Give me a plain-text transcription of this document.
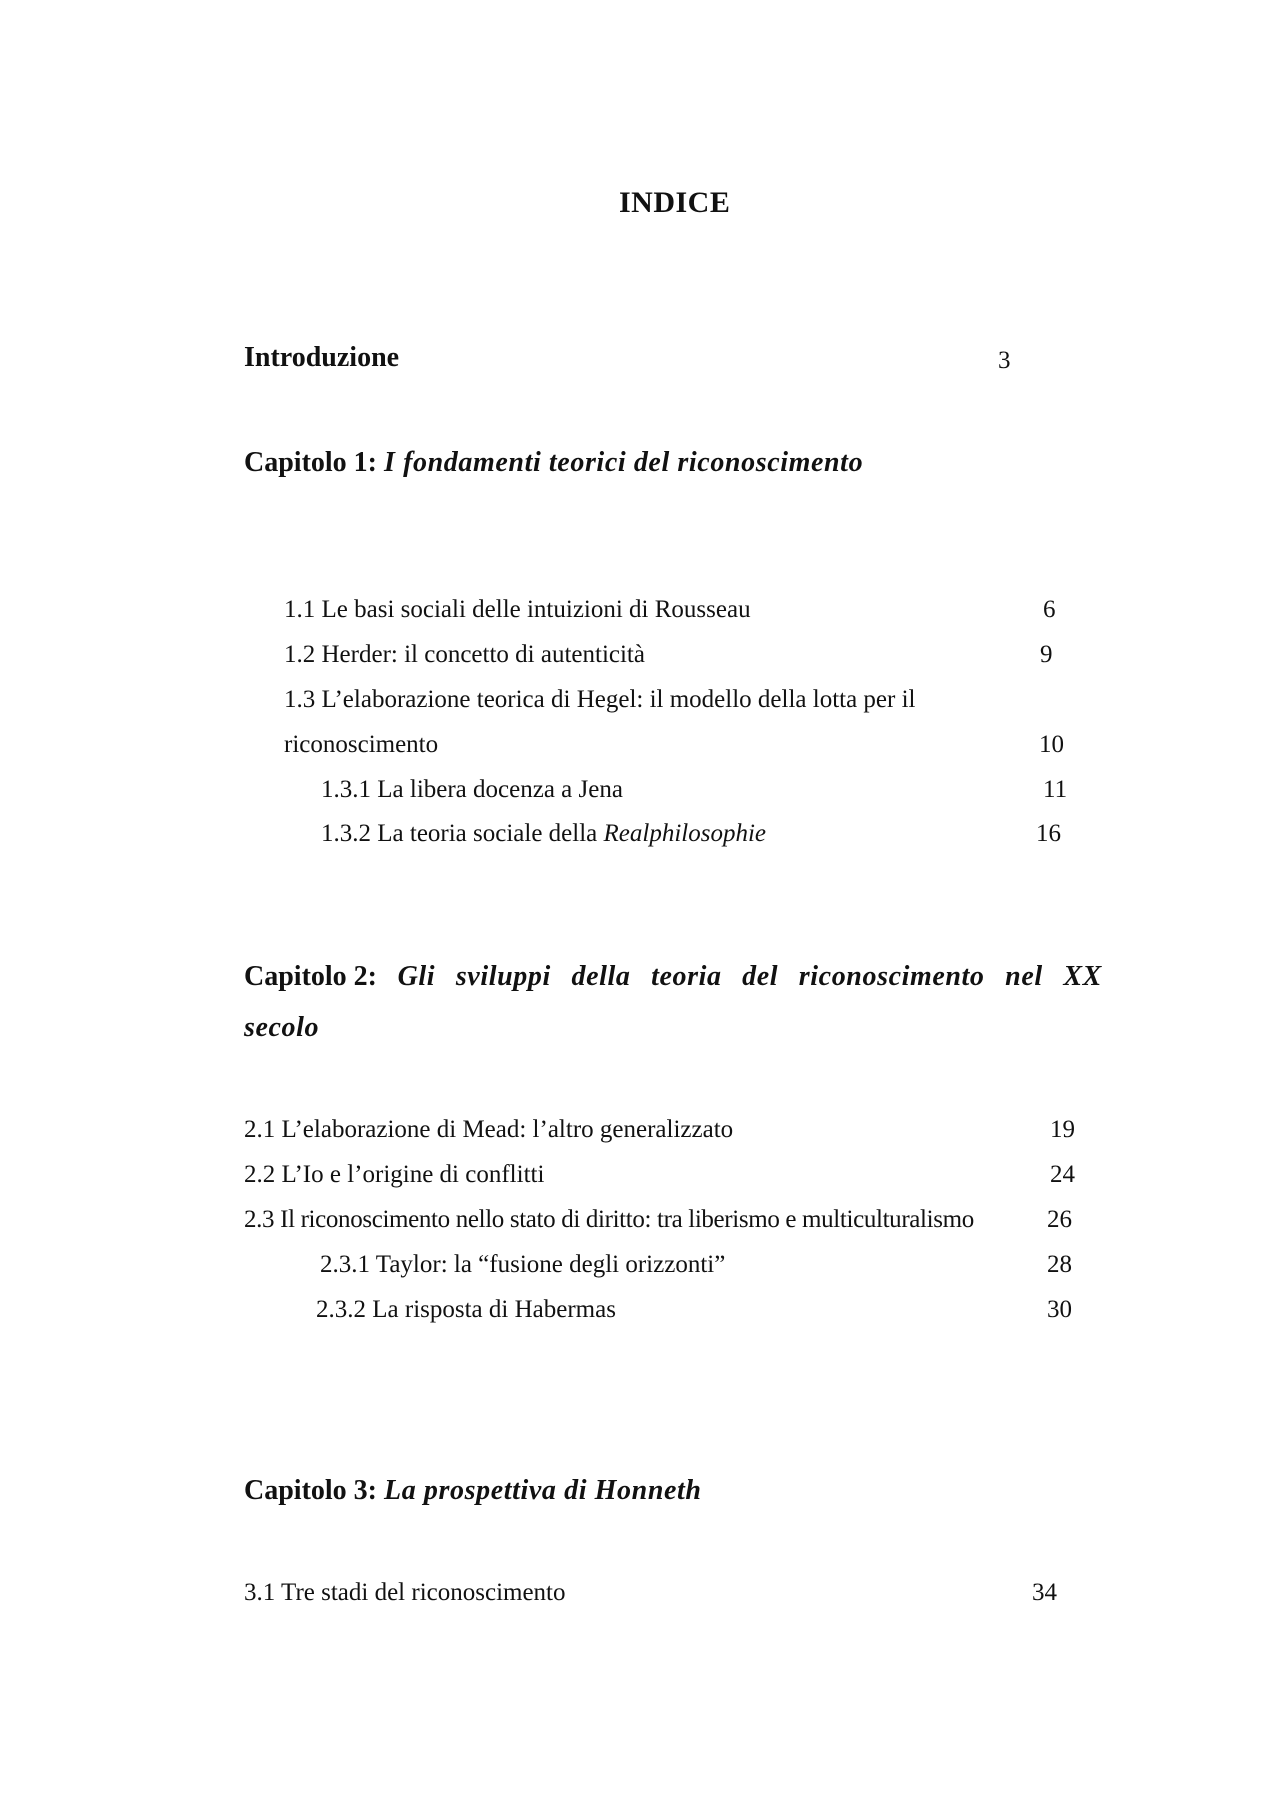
INDICE
Introduzione	3
Capitolo 1: I fondamenti teorici del riconoscimento
1.1 Le basi sociali delle intuizioni di Rousseau	6
1.2 Herder: il concetto di autenticità	9
1.3 L’elaborazione teorica di Hegel: il modello della lotta per il
riconoscimento	10
1.3.1 La libera docenza a Jena	11
1.3.2 La teoria sociale della Realphilosophie	16
Capitolo 2: Gli sviluppi della teoria del riconoscimento nel XX
secolo
2.1 L’elaborazione di Mead: l’altro generalizzato	19
2.2 L’Io e l’origine di conflitti	24
2.3 Il riconoscimento nello stato di diritto: tra liberismo e multiculturalismo	26
2.3.1 Taylor: la “fusione degli orizzonti”	28
2.3.2 La risposta di Habermas	30
Capitolo 3: La prospettiva di Honneth
3.1 Tre stadi del riconoscimento	34
